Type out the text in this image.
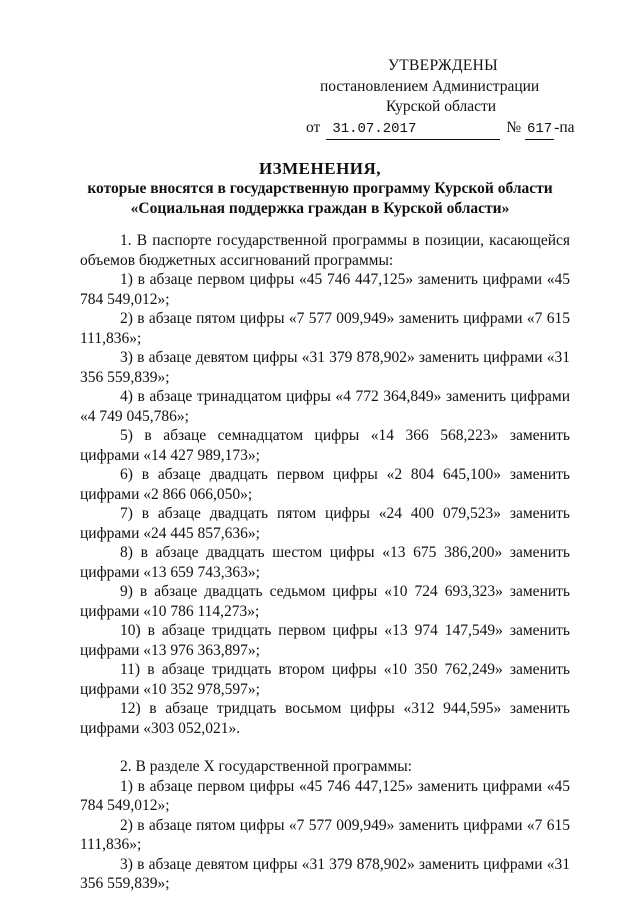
УТВЕРЖДЕНЫ
постановлением Администрации
Курской области
от 31.07.2017	№ 617 -па
ИЗМЕНЕНИЯ,
которые вносятся в государственную программу Курской области
«Социальная поддержка граждан в Курской области»

1. В паспорте государственной программы в позиции, касающейся объемов бюджетных ассигнований программы:

1) в абзаце первом цифры «45 746 447,125» заменить цифрами «45 784 549,012»;

2) в абзаце пятом цифры «7 577 009,949» заменить цифрами «7 615 111,836»;

3) в абзаце девятом цифры «31 379 878,902» заменить цифрами «31 356 559,839»;

4) в абзаце тринадцатом цифры «4 772 364,849» заменить цифрами «4 749 045,786»;

5) в абзаце семнадцатом цифры «14 366 568,223» заменить цифрами «14 427 989,173»;

6) в абзаце двадцать первом цифры «2 804 645,100» заменить цифрами «2 866 066,050»;

7) в абзаце двадцать пятом цифры «24 400 079,523» заменить цифрами «24 445 857,636»;

8) в абзаце двадцать шестом цифры «13 675 386,200» заменить цифрами «13 659 743,363»;

9) в абзаце двадцать седьмом цифры «10 724 693,323» заменить цифрами «10 786 114,273»;

10) в абзаце тридцать первом цифры «13 974 147,549» заменить цифрами «13 976 363,897»;

11) в абзаце тридцать втором цифры «10 350 762,249» заменить цифрами «10 352 978,597»;

12) в абзаце тридцать восьмом цифры «312 944,595» заменить цифрами «303 052,021».

2. В разделе X государственной программы:

1) в абзаце первом цифры «45 746 447,125» заменить цифрами «45 784 549,012»;

2) в абзаце пятом цифры «7 577 009,949» заменить цифрами «7 615 111,836»;

3) в абзаце девятом цифры «31 379 878,902» заменить цифрами «31 356 559,839»;
